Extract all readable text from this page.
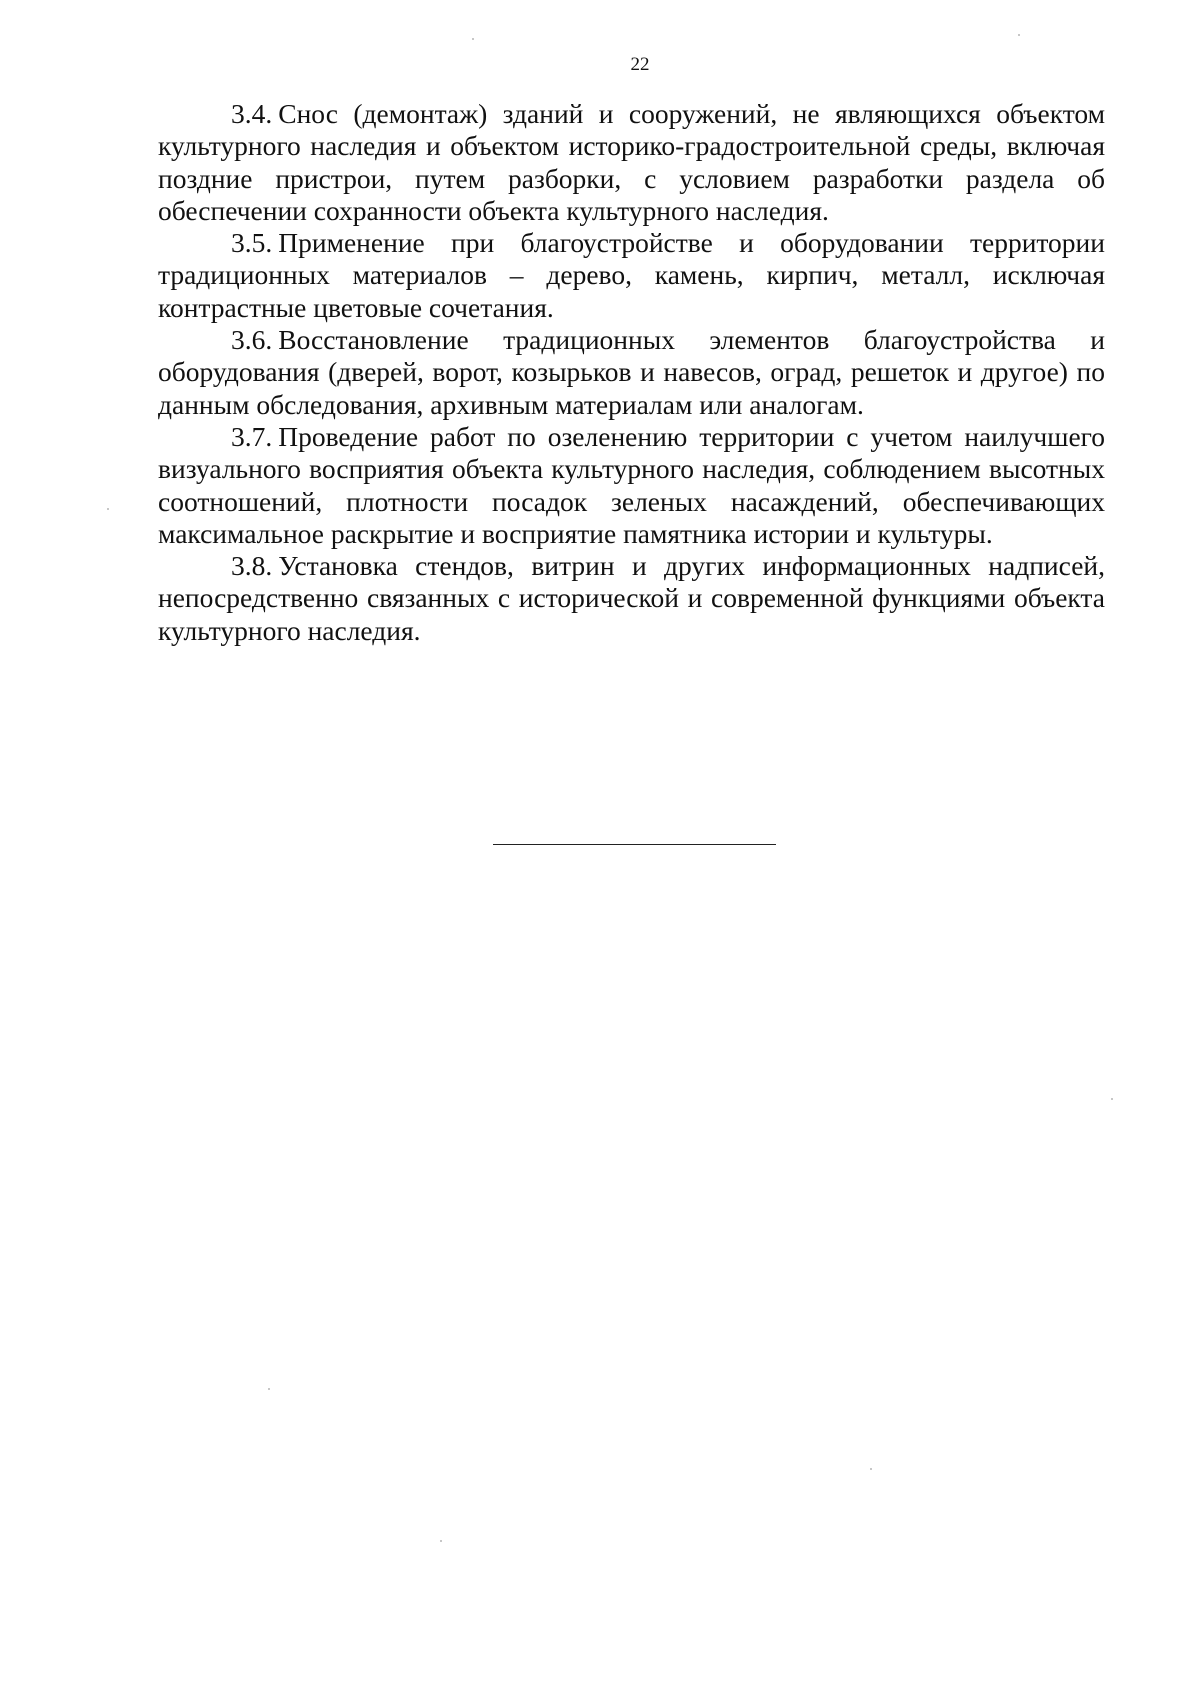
22

3.4. Снос (демонтаж) зданий и сооружений, не являющихся объектом культурного наследия и объектом историко-градостроительной среды, включая поздние пристрои, путем разборки, с условием разработки раздела об обеспечении сохранности объекта культурного наследия.

3.5. Применение при благоустройстве и оборудовании территории традиционных материалов – дерево, камень, кирпич, металл, исключая контрастные цветовые сочетания.

3.6. Восстановление традиционных элементов благоустройства и оборудования (дверей, ворот, козырьков и навесов, оград, решеток и другое) по данным обследования, архивным материалам или аналогам.

3.7. Проведение работ по озеленению территории с учетом наилучшего визуального восприятия объекта культурного наследия, соблюдением высотных соотношений, плотности посадок зеленых насаждений, обеспечивающих максимальное раскрытие и восприятие памятника истории и культуры.

3.8. Установка стендов, витрин и других информационных надписей, непосредственно связанных с исторической и современной функциями объекта культурного наследия.
